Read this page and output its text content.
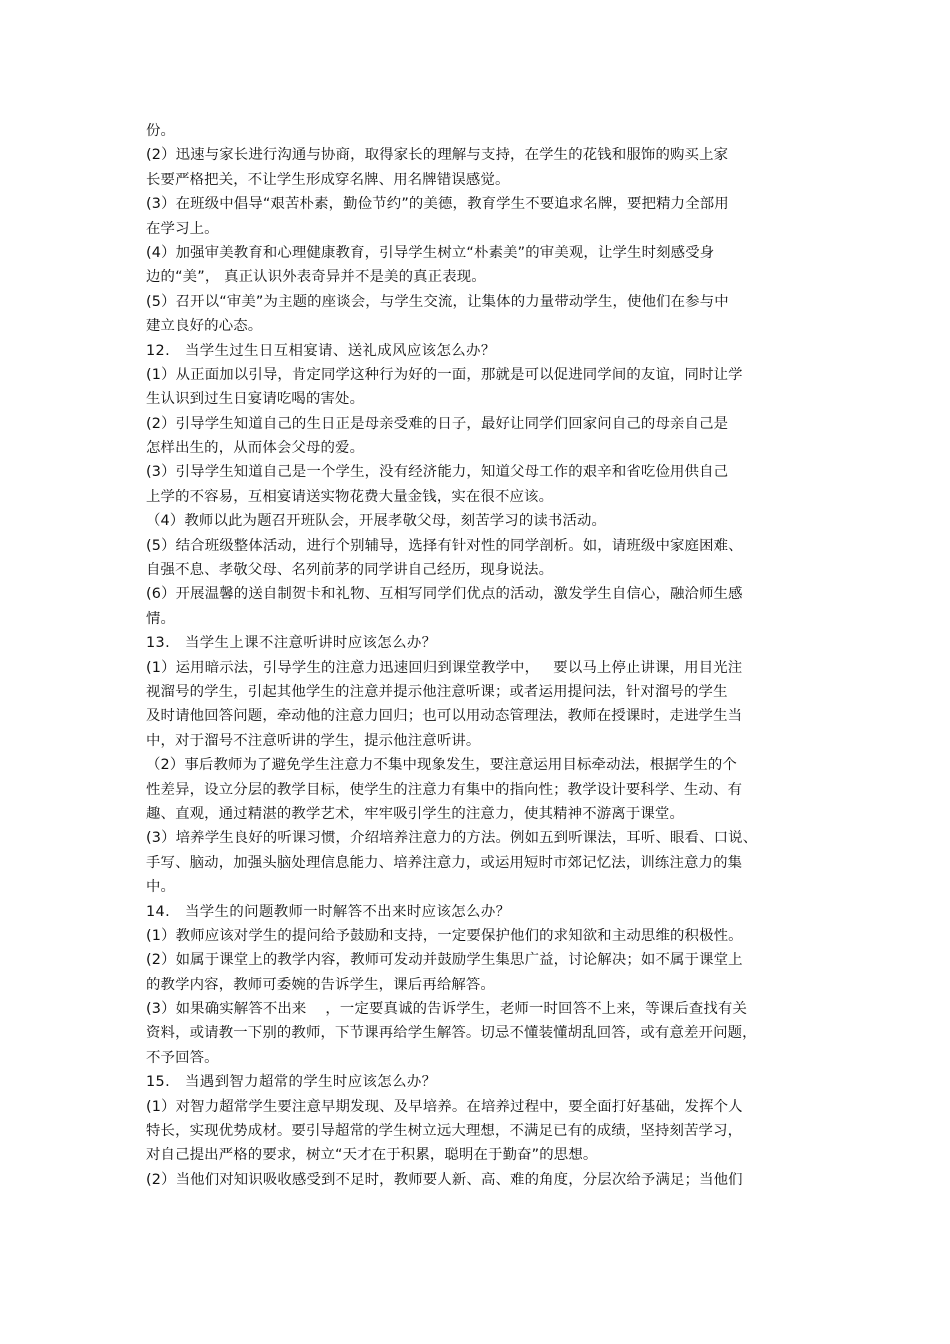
份。
(2）迅速与家长进行沟通与协商，取得家长的理解与支持，在学生的花钱和服饰的购买上家
长要严格把关，不让学生形成穿名牌、用名牌错误感觉。
(3）在班级中倡导“艰苦朴素，勤俭节约”的美德，教育学生不要追求名牌，要把精力全部用
在学习上。
(4）加强审美教育和心理健康教育，引导学生树立“朴素美”的审美观，让学生时刻感受身
边的“美”， 真正认识外表奇异并不是美的真正表现。
(5）召开以“审美”为主题的座谈会，与学生交流，让集体的力量带动学生，使他们在参与中
建立良好的心态。
12.   当学生过生日互相宴请、送礼成风应该怎么办？
(1）从正面加以引导，肯定同学这种行为好的一面，那就是可以促进同学间的友谊，同时让学
生认识到过生日宴请吃喝的害处。
(2）引导学生知道自己的生日正是母亲受难的日子，最好让同学们回家问自己的母亲自己是
怎样出生的，从而体会父母的爱。
(3）引导学生知道自己是一个学生，没有经济能力，知道父母工作的艰辛和省吃俭用供自己
上学的不容易，互相宴请送实物花费大量金钱，实在很不应该。
（4）教师以此为题召开班队会，开展孝敬父母，刻苦学习的读书活动。
(5）结合班级整体活动，进行个别辅导，选择有针对性的同学剖析。如，请班级中家庭困难、
自强不息、孝敬父母、名列前茅的同学讲自己经历，现身说法。
(6）开展温馨的送自制贺卡和礼物、互相写同学们优点的活动，激发学生自信心，融洽师生感
情。
13.   当学生上课不注意听讲时应该怎么办？
(1）运用暗示法，引导学生的注意力迅速回归到课堂教学中，   要以马上停止讲课，用目光注
视溜号的学生，引起其他学生的注意并提示他注意听课；或者运用提问法，针对溜号的学生
及时请他回答问题，牵动他的注意力回归；也可以用动态管理法，教师在授课时，走进学生当
中，对于溜号不注意听讲的学生，提示他注意听讲。
（2）事后教师为了避免学生注意力不集中现象发生，要注意运用目标牵动法，根据学生的个
性差异，设立分层的教学目标，使学生的注意力有集中的指向性；教学设计要科学、生动、有
趣、直观，通过精湛的教学艺术，牢牢吸引学生的注意力，使其精神不游离于课堂。
(3）培养学生良好的听课习惯，介绍培养注意力的方法。例如五到听课法，耳听、眼看、口说、
手写、脑动，加强头脑处理信息能力、培养注意力，或运用短时市郊记忆法，训练注意力的集
中。
14.   当学生的问题教师一时解答不出来时应该怎么办？
(1）教师应该对学生的提问给予鼓励和支持，一定要保护他们的求知欲和主动思维的积极性。
(2）如属于课堂上的教学内容，教师可发动并鼓励学生集思广益，讨论解决；如不属于课堂上
的教学内容，教师可委婉的告诉学生，课后再给解答。
(3）如果确实解答不出来    ，一定要真诚的告诉学生，老师一时回答不上来，等课后查找有关
资料，或请教一下别的教师，下节课再给学生解答。切忌不懂装懂胡乱回答，或有意差开问题，
不予回答。
15.   当遇到智力超常的学生时应该怎么办？
(1）对智力超常学生要注意早期发现、及早培养。在培养过程中，要全面打好基础，发挥个人
特长，实现优势成材。要引导超常的学生树立远大理想，不满足已有的成绩，坚持刻苦学习，
对自己提出严格的要求，树立“天才在于积累，聪明在于勤奋”的思想。
(2）当他们对知识吸收感受到不足时，教师要人新、高、难的角度，分层次给予满足；当他们
